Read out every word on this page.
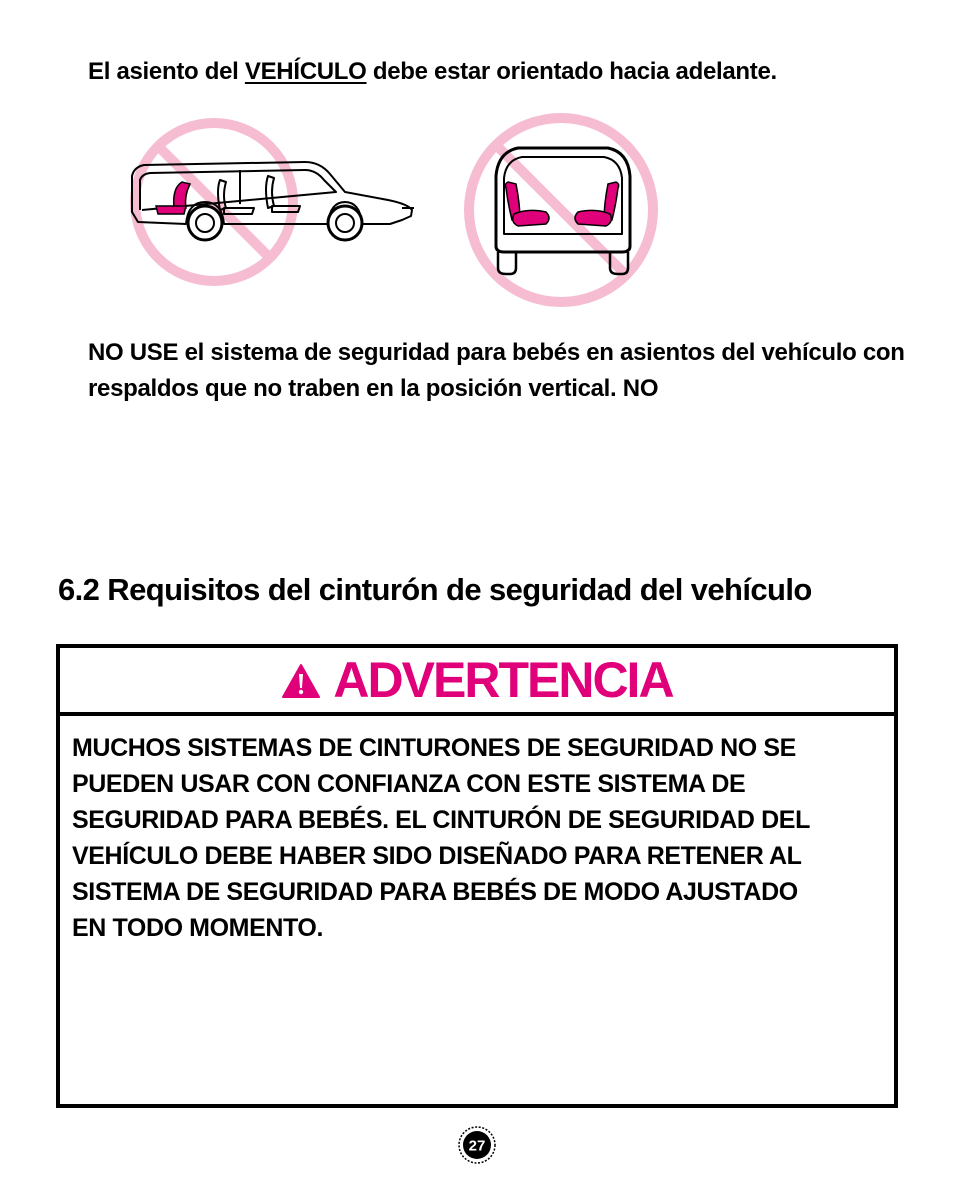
El asiento del VEHÍCULO debe estar orientado hacia adelante.

NO USE el sistema de seguridad para bebés en asientos del vehículo con respaldos que no traben en la posición vertical. NO

6.2 Requisitos del cinturón de seguridad del vehículo
ADVERTENCIA

MUCHOS SISTEMAS DE CINTURONES DE SEGURIDAD NO SE
PUEDEN USAR CON CONFIANZA CON ESTE SISTEMA DE
SEGURIDAD PARA BEBÉS. EL CINTURÓN DE SEGURIDAD DEL
VEHÍCULO DEBE HABER SIDO DISEÑADO PARA RETENER AL
SISTEMA DE SEGURIDAD PARA BEBÉS DE MODO AJUSTADO
EN TODO MOMENTO.

27
